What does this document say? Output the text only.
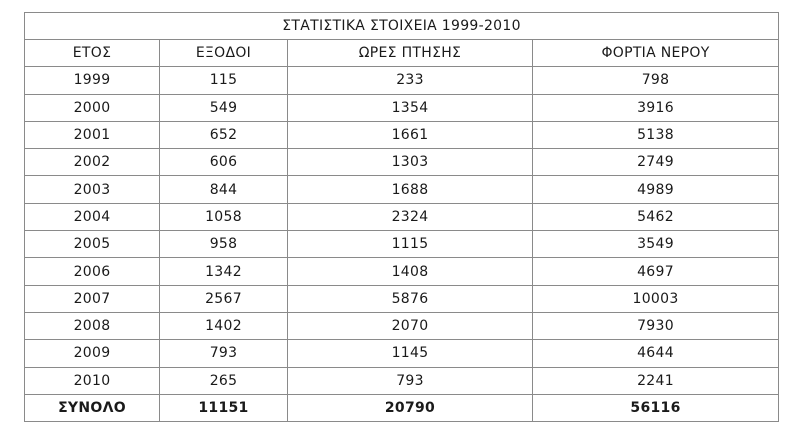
ΣΤΑΤΙΣΤΙΚΑ ΣΤΟΙΧΕΙΑ 1999-2010			
ΕΤΟΣ	ΕΞΟΔΟΙ	ΩΡΕΣ ΠΤΗΣΗΣ	ΦΟΡΤΙΑ ΝΕΡΟΥ
1999	115	233	798
2000	549	1354	3916
2001	652	1661	5138
2002	606	1303	2749
2003	844	1688	4989
2004	1058	2324	5462
2005	958	1115	3549
2006	1342	1408	4697
2007	2567	5876	10003
2008	1402	2070	7930
2009	793	1145	4644
2010	265	793	2241
ΣΥΝΟΛΟ	11151	20790	56116
